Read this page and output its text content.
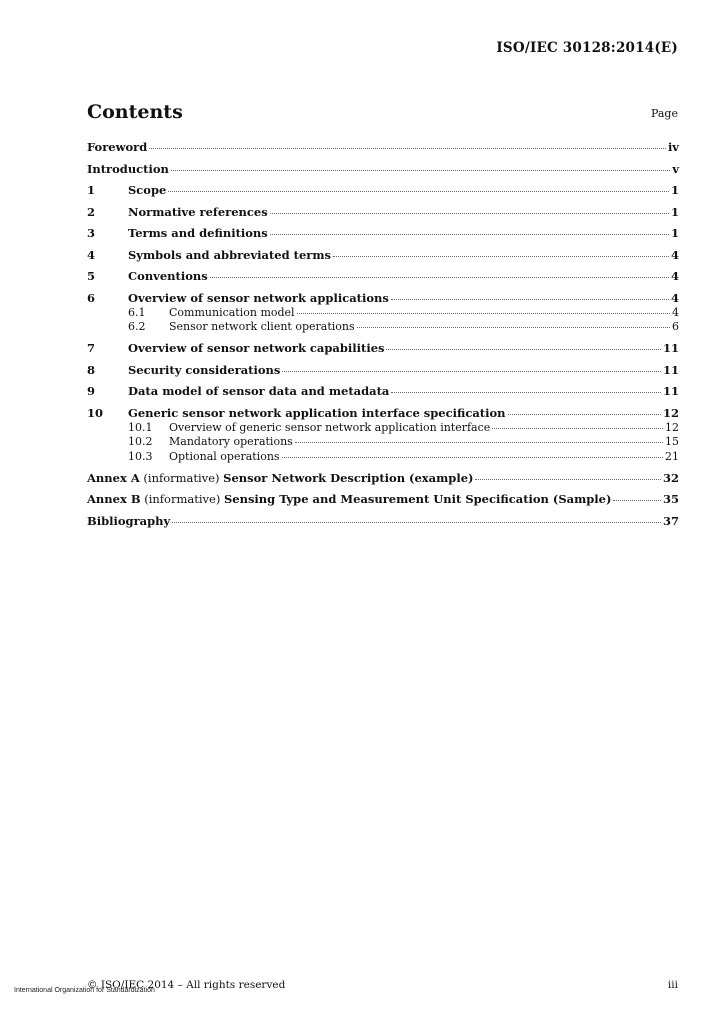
ISO/IEC 30128:2014(E)
Contents	Page
Foreword	iv
Introduction	v
1	Scope	1
2	Normative references	1
3	Terms and definitions	1
4	Symbols and abbreviated terms	4
5	Conventions	4
6	Overview of sensor network applications	4
6.1	Communication model	4
6.2	Sensor network client operations	6
7	Overview of sensor network capabilities	11
8	Security considerations	11
9	Data model of sensor data and metadata	11
10	Generic sensor network application interface specification	12
10.1	Overview of generic sensor network application interface	12
10.2	Mandatory operations	15
10.3	Optional operations	21
Annex A (informative) Sensor Network Description (example)	32
Annex B (informative) Sensing Type and Measurement Unit Specification (Sample)	35
Bibliography	37
International Organization for Standardization
© ISO/IEC 2014 – All rights reserved	iii
